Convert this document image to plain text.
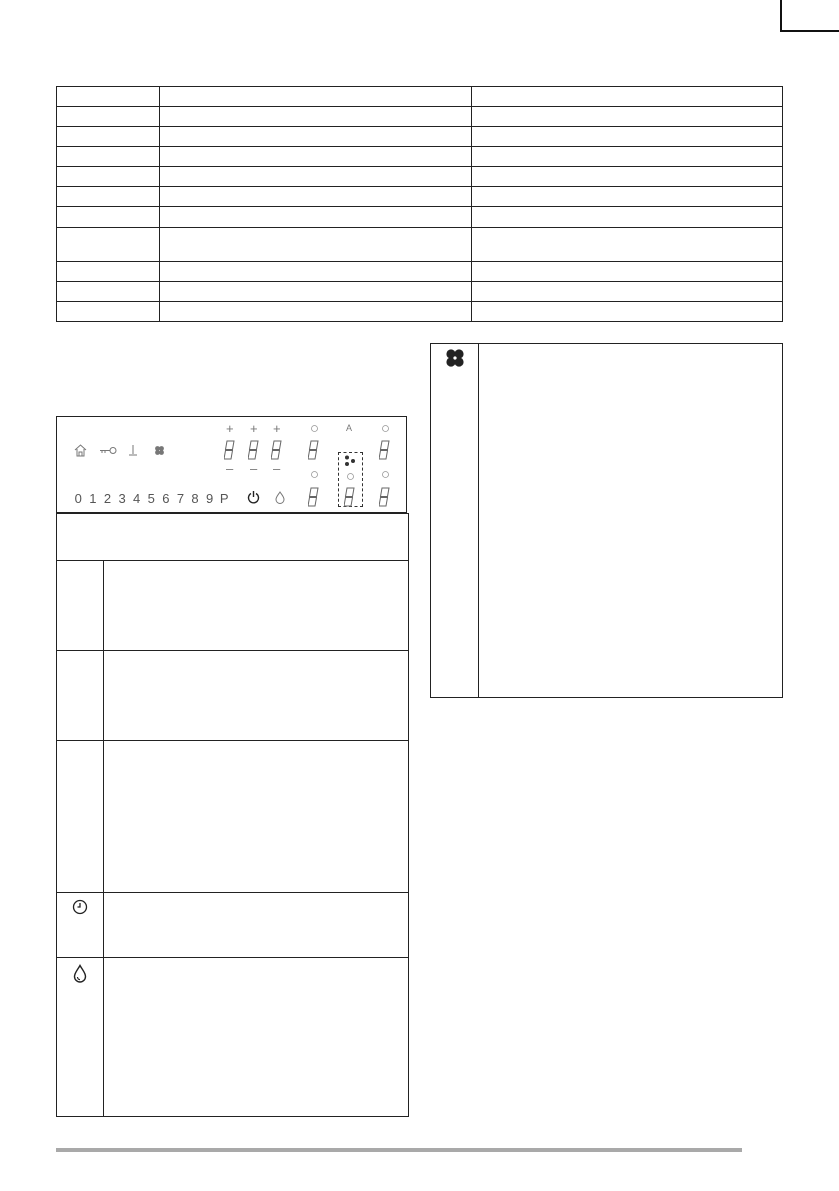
+ + +
– – –
A
0 1 2 3 4 5 6 7 8 9 P
